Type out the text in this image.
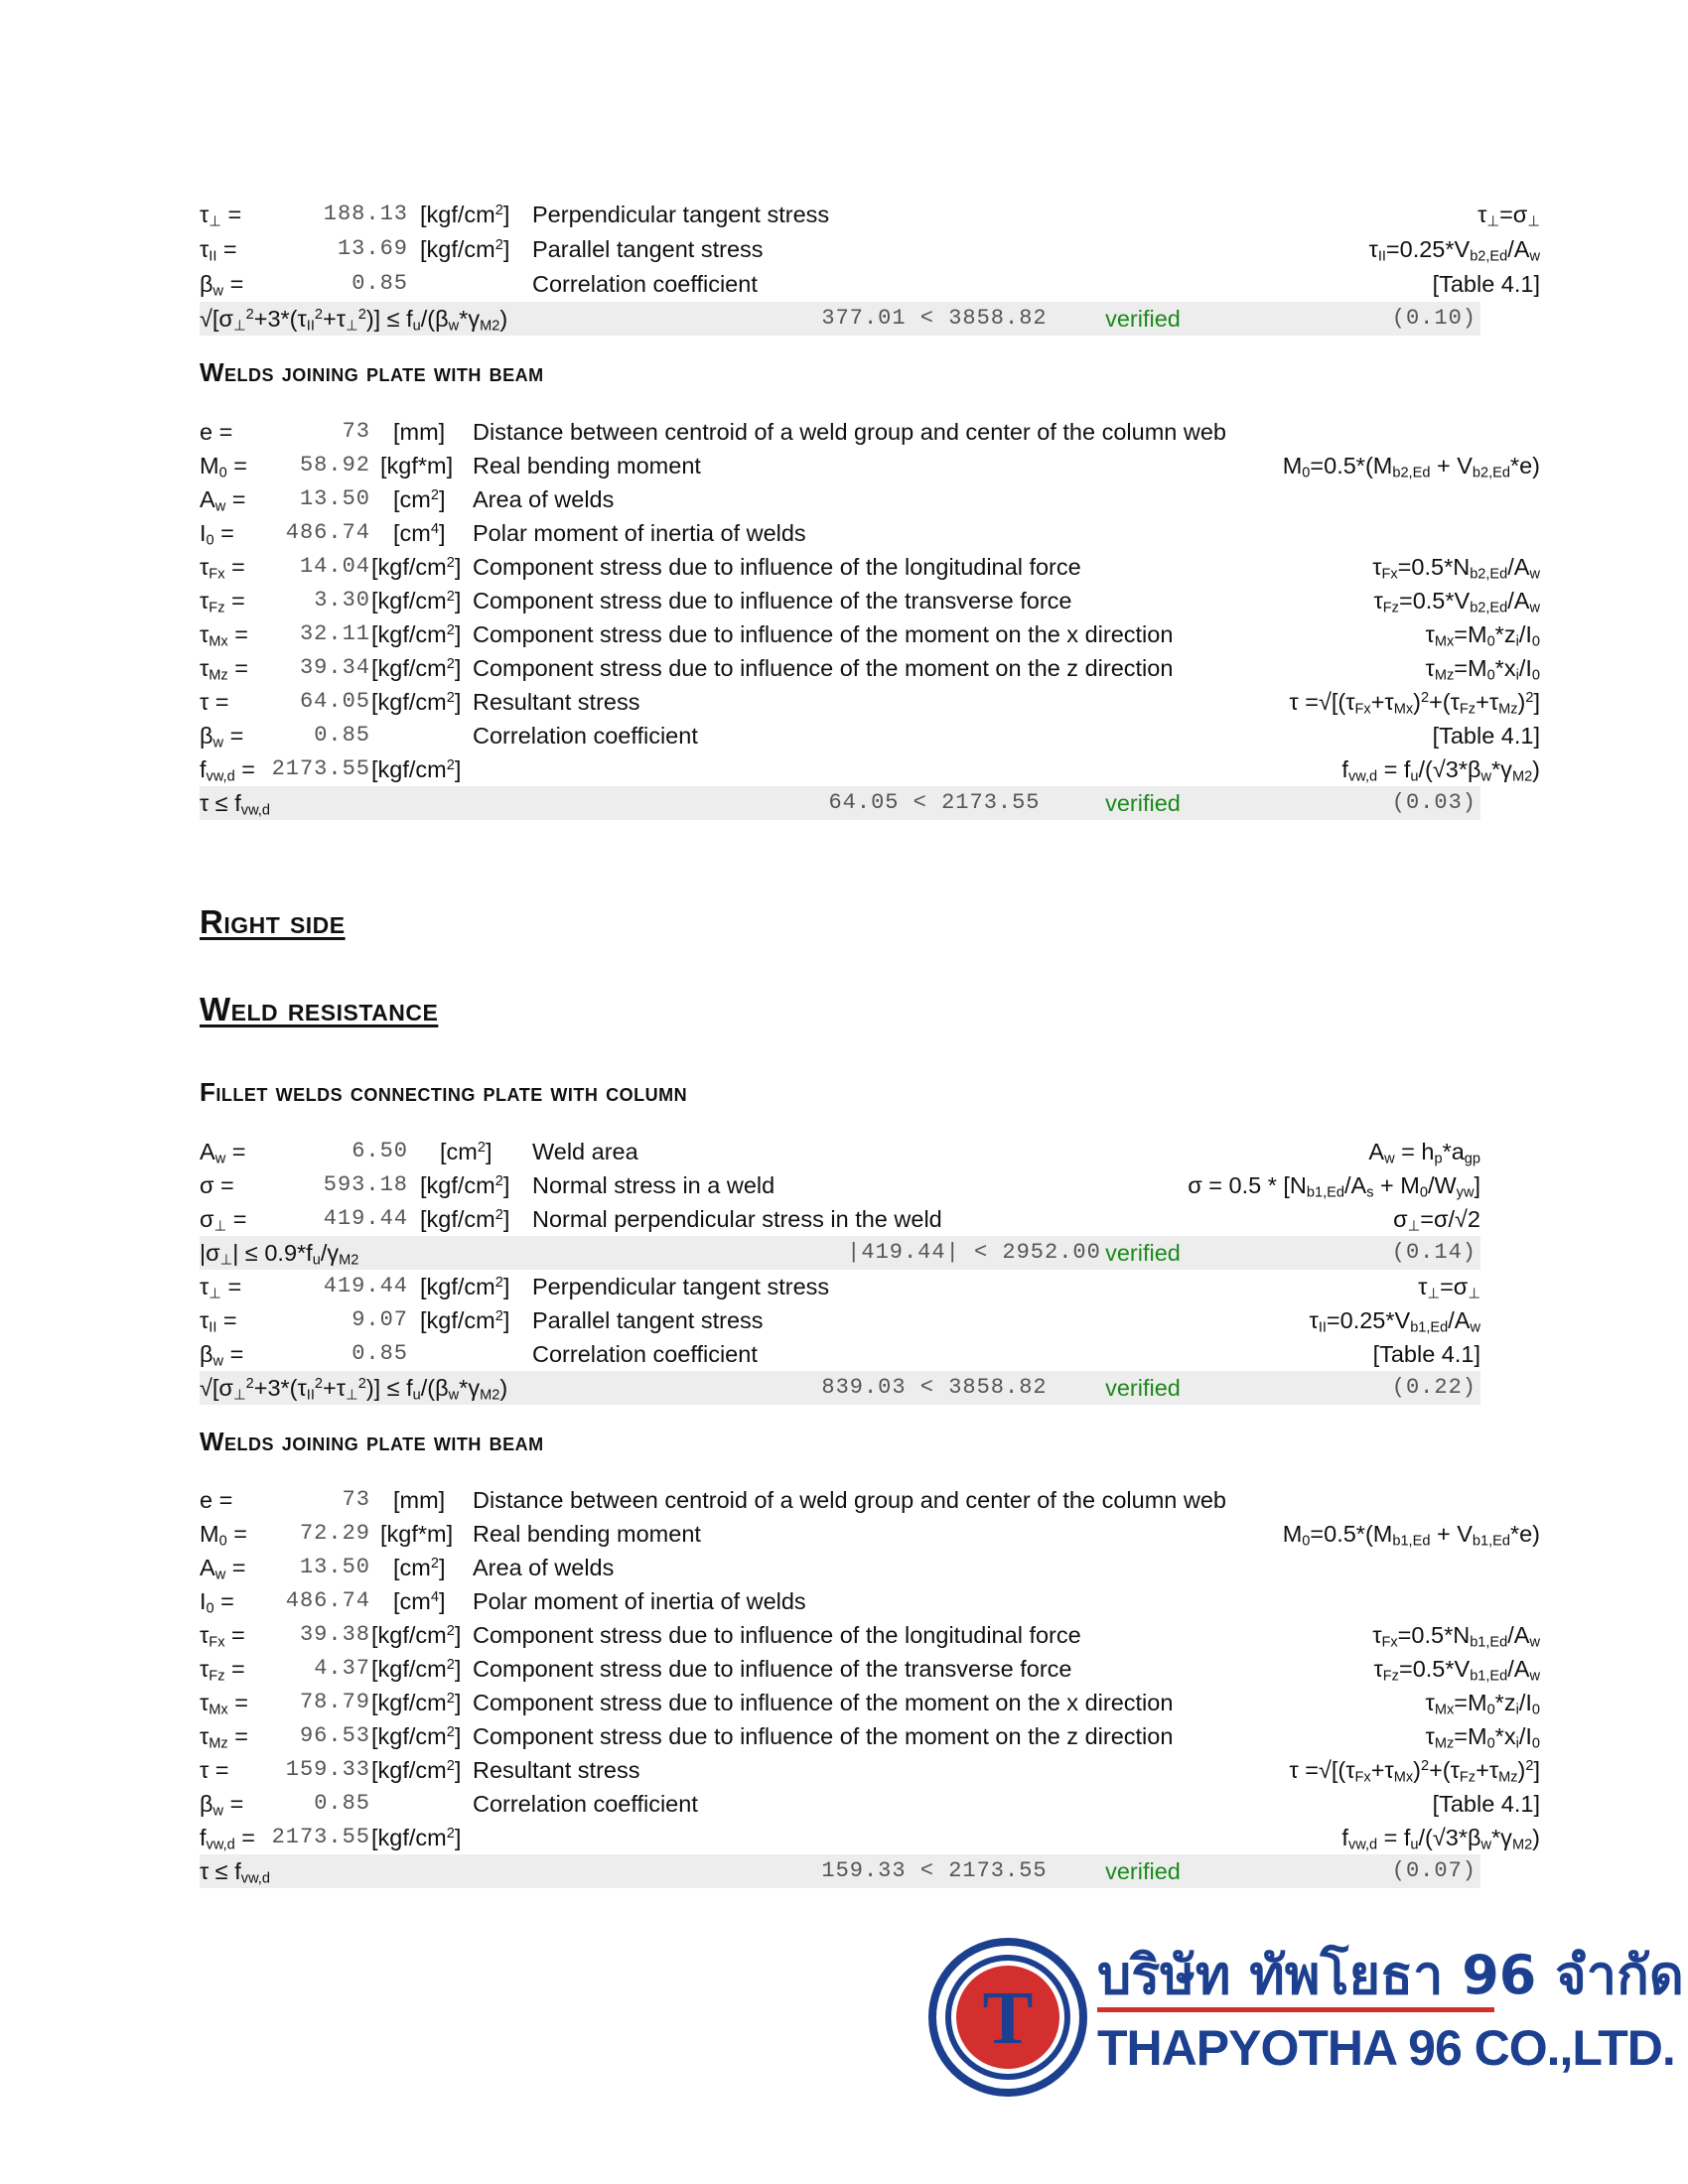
$\tau_\perp$ =	188.13 $[kgf/cm^2]$ Perpendicular tangent stress	$\tau_\perp=\sigma_\perp$
$\tau_{II}$ =	13.69 $[kgf/cm^2]$ Parallel tangent stress	$\tau_{II}=0.25*V_{b2,Ed}/A_w$
$\beta_w$ =	0.85	Correlation coefficient	[Table 4.1]
$√[\sigma_\perp^2+3*(\tau_{II}^2+\tau_\perp^2)] \le f_u/(\beta_w*\gamma_{M2})$	377.01 < 3858.82	verified	(0.10)
Welds joining plate with beam
e =	73 [mm] Distance between centroid of a weld group and center of the column web
$M_0$ =	58.92 [kgf*m] Real bending moment	$M_0=0.5*(M_{b2,Ed} + V_{b2,Ed}*e)$
$A_w$ =	13.50 $[cm^2]$ Area of welds
$I_0$ =	486.74 $[cm^4]$ Polar moment of inertia of welds
$\tau_{Fx}$ =	14.04 $[kgf/cm^2]$ Component stress due to influence of the longitudinal force	$\tau_{Fx}=0.5*N_{b2,Ed}/A_w$
$\tau_{Fz}$ =	3.30 $[kgf/cm^2]$ Component stress due to influence of the transverse force	$\tau_{Fz}=0.5*V_{b2,Ed}/A_w$
$\tau_{Mx}$ =	32.11 $[kgf/cm^2]$ Component stress due to influence of the moment on the x direction	$\tau_{Mx}=M_0*z_i/I_0$
$\tau_{Mz}$ =	39.34 $[kgf/cm^2]$ Component stress due to influence of the moment on the z direction	$\tau_{Mz}=M_0*x_i/I_0$
τ =	64.05 $[kgf/cm^2]$ Resultant stress	$\tau =√[(\tau_{Fx}+\tau_{Mx})^2+(\tau_{Fz}+\tau_{Mz})^2]$
$\beta_w$ =	0.85	Correlation coefficient	[Table 4.1]
$f_{vw,d} = 2173.55$ $[kgf/cm^2]$	$f_{vw,d} = f_u/(√3*\beta_w*\gamma_{M2})$
$\tau \le f_{vw,d}$	64.05 < 2173.55	verified	(0.03)
Right side
Weld resistance
Fillet welds connecting plate with column
$A_w$ =	6.50 $[cm^2]$ Weld area	$A_w = h_p*a_{gp}$
σ =	593.18 $[kgf/cm^2]$ Normal stress in a weld	$\sigma = 0.5 * [N_{b1,Ed}/A_s + M_0/W_{yw}]$
$\sigma_\perp$ =	419.44 $[kgf/cm^2]$ Normal perpendicular stress in the weld	$\sigma_\perp=\sigma/√2$
$|\sigma_\perp| \le 0.9*f_u/\gamma_{M2}$	|419.44| < 2952.00 verified	(0.14)
$\tau_\perp$ =	419.44 $[kgf/cm^2]$ Perpendicular tangent stress	$\tau_\perp=\sigma_\perp$
$\tau_{II}$ =	9.07 $[kgf/cm^2]$ Parallel tangent stress	$\tau_{II}=0.25*V_{b1,Ed}/A_w$
$\beta_w$ =	0.85	Correlation coefficient	[Table 4.1]
$√[\sigma_\perp^2+3*(\tau_{II}^2+\tau_\perp^2)] \le f_u/(\beta_w*\gamma_{M2})$	839.03 < 3858.82	verified	(0.22)
Welds joining plate with beam
e =	73 [mm] Distance between centroid of a weld group and center of the column web
$M_0$ =	72.29 [kgf*m] Real bending moment	$M_0=0.5*(M_{b1,Ed} + V_{b1,Ed}*e)$
$A_w$ =	13.50 $[cm^2]$ Area of welds
$I_0$ =	486.74 $[cm^4]$ Polar moment of inertia of welds
$\tau_{Fx}$ =	39.38 $[kgf/cm^2]$ Component stress due to influence of the longitudinal force	$\tau_{Fx}=0.5*N_{b1,Ed}/A_w$
$\tau_{Fz}$ =	4.37 $[kgf/cm^2]$ Component stress due to influence of the transverse force	$\tau_{Fz}=0.5*V_{b1,Ed}/A_w$
$\tau_{Mx}$ =	78.79 $[kgf/cm^2]$ Component stress due to influence of the moment on the x direction	$\tau_{Mx}=M_0*z_i/I_0$
$\tau_{Mz}$ =	96.53 $[kgf/cm^2]$ Component stress due to influence of the moment on the z direction	$\tau_{Mz}=M_0*x_i/I_0$
τ =	159.33 $[kgf/cm^2]$ Resultant stress	$\tau =√[(\tau_{Fx}+\tau_{Mx})^2+(\tau_{Fz}+\tau_{Mz})^2]$
$\beta_w$ =	0.85	Correlation coefficient	[Table 4.1]
$f_{vw,d} = 2173.55$ $[kgf/cm^2]$	$f_{vw,d} = f_u/(√3*\beta_w*\gamma_{M2})$
$\tau \le f_{vw,d}$	159.33 < 2173.55	verified	(0.07)
T
บริษัท ทัพโยธา 96 จำกัด
THAPYOTHA 96 CO.,LTD.
